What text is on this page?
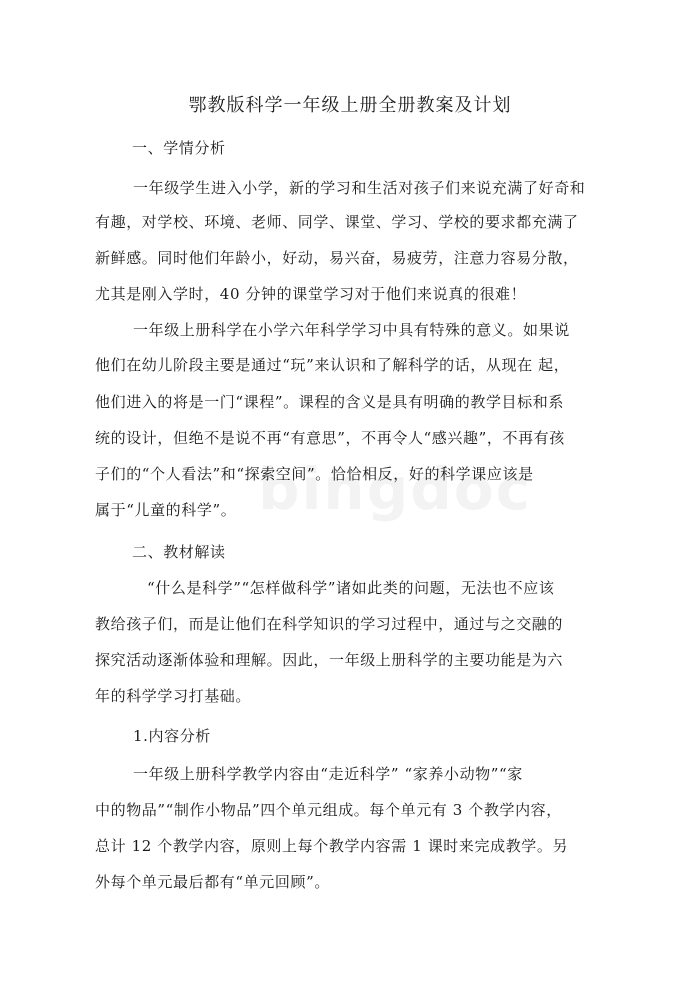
鄂教版科学一年级上册全册教案及计划
一、学情分析
一年级学生进入小学，新的学习和生活对孩子们来说充满了好奇和
有趣，对学校、环境、老师、同学、课堂、学习、学校的要求都充满了
新鲜感。同时他们年龄小，好动，易兴奋，易疲劳，注意力容易分散，
尤其是刚入学时，40 分钟的课堂学习对于他们来说真的很难！
一年级上册科学在小学六年科学学习中具有特殊的意义。如果说
他们在幼儿阶段主要是通过“玩”来认识和了解科学的话，从现在 起，
他们进入的将是一门“课程”。课程的含义是具有明确的教学目标和系
统的设计，但绝不是说不再“有意思”，不再令人“感兴趣”，不再有孩
子们的“个人看法”和“探索空间”。恰恰相反，好的科学课应该是
属于“儿童的科学”。
二、教材解读
“什么是科学”“怎样做科学”诸如此类的问题，无法也不应该
教给孩子们，而是让他们在科学知识的学习过程中，通过与之交融的
探究活动逐渐体验和理解。因此，一年级上册科学的主要功能是为六
年的科学学习打基础。
1.内容分析
一年级上册科学教学内容由“走近科学” “家养小动物”“家
中的物品”“制作小物品”四个单元组成。每个单元有 3 个教学内容，
总计 12 个教学内容，原则上每个教学内容需 1 课时来完成教学。另
外每个单元最后都有“单元回顾”。
